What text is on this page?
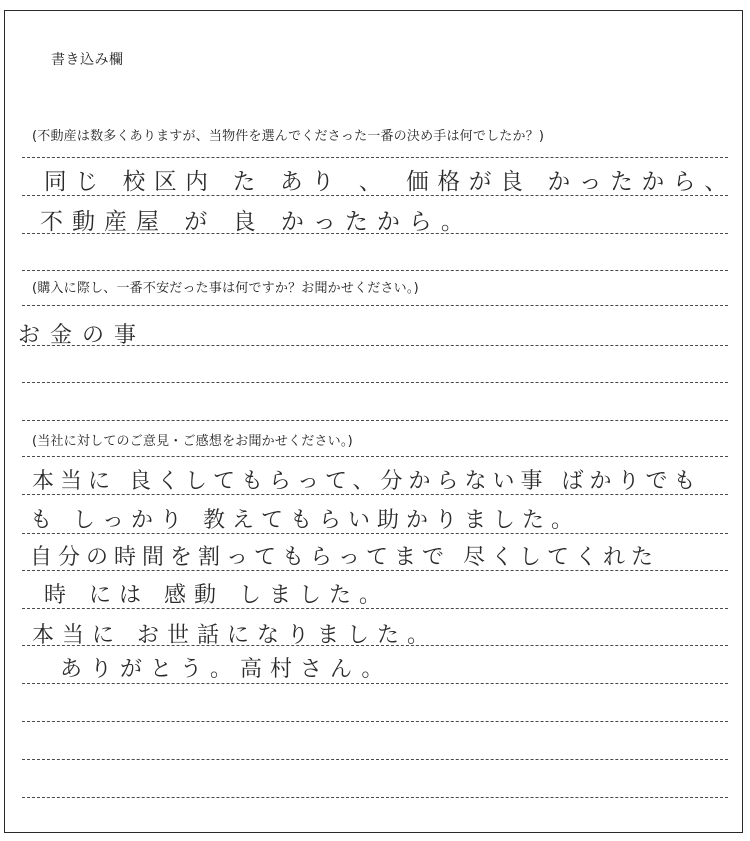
書き込み欄
(不動産は数多くありますが、当物件を選んでくださった一番の決め手は何でしたか？)
同じ 校区内 た あり 、 価格が良 かったから、
不動産屋 が 良 かったから。
(購入に際し、一番不安だった事は何ですか？お聞かせください。)
お金の事
(当社に対してのご意見・ご感想をお聞かせください。)
本当に 良くしてもらって、分からない事 ばかりでも
も しっかり 教えてもらい助かりました。
自分の時間を割ってもらってまで 尽くしてくれた
時 には 感動 しました。
本当に お世話になりました。
ありがとう。高村さん。
